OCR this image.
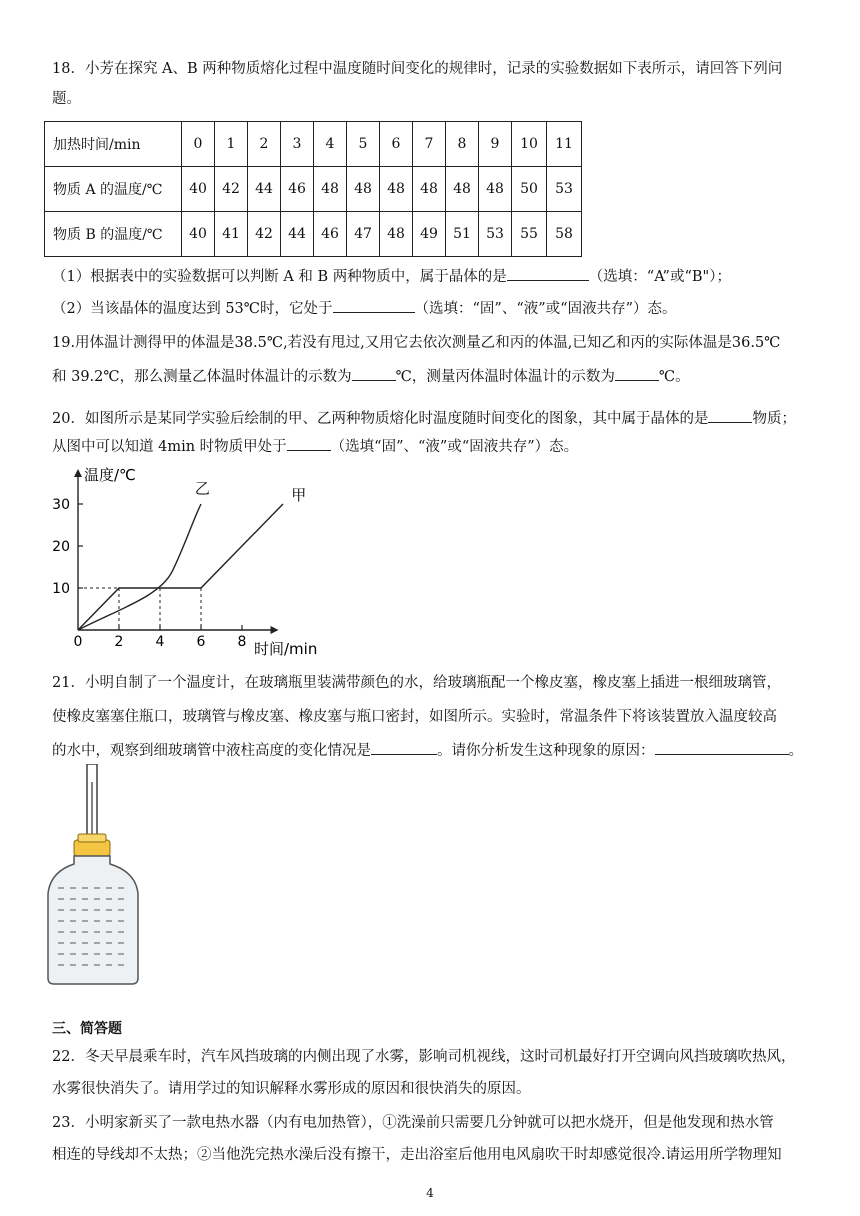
18．小芳在探究 A、B 两种物质熔化过程中温度随时间变化的规律时，记录的实验数据如下表所示，请回答下列问
题。
加热时间/min	0	1	2	3	4	5	6	7	8	9	10	11
物质 A 的温度/℃	40	42	44	46	48	48	48	48	48	48	50	53
物质 B 的温度/℃	40	41	42	44	46	47	48	49	51	53	55	58
（1）根据表中的实验数据可以判断 A 和 B 两种物质中，属于晶体的是	（选填：“A”或“B"）；
（2）当该晶体的温度达到 53℃时，它处于	（选填：“固”、“液”或“固液共存”）态。
19.用体温计测得甲的体温是38.5℃,若没有甩过,又用它去依次测量乙和丙的体温,已知乙和丙的实际体温是36.5℃
和 39.2℃，那么测量乙体温时体温计的示数为	℃，测量丙体温时体温计的示数为	℃。
20．如图所示是某同学实验后绘制的甲、乙两种物质熔化时温度随时间变化的图象，其中属于晶体的是	物质；
从图中可以知道 4min 时物质甲处于	（选填“固”、“液”或“固液共存”）态。
0 2 4 6 8
10
20
30
甲
乙
温度/℃
时间/min
21．小明自制了一个温度计，在玻璃瓶里装满带颜色的水，给玻璃瓶配一个橡皮塞，橡皮塞上插进一根细玻璃管，
使橡皮塞塞住瓶口，玻璃管与橡皮塞、橡皮塞与瓶口密封，如图所示。实验时，常温条件下将该装置放入温度较高
的水中，观察到细玻璃管中液柱高度的变化情况是	。请你分析发生这种现象的原因：	。
三、简答题
22．冬天早晨乘车时，汽车风挡玻璃的内侧出现了水雾，影响司机视线，这时司机最好打开空调向风挡玻璃吹热风，
水雾很快消失了。请用学过的知识解释水雾形成的原因和很快消失的原因。
23．小明家新买了一款电热水器（内有电加热管），①洗澡前只需要几分钟就可以把水烧开，但是他发现和热水管
相连的导线却不太热；②当他洗完热水澡后没有擦干，走出浴室后他用电风扇吹干时却感觉很冷.请运用所学物理知
4
